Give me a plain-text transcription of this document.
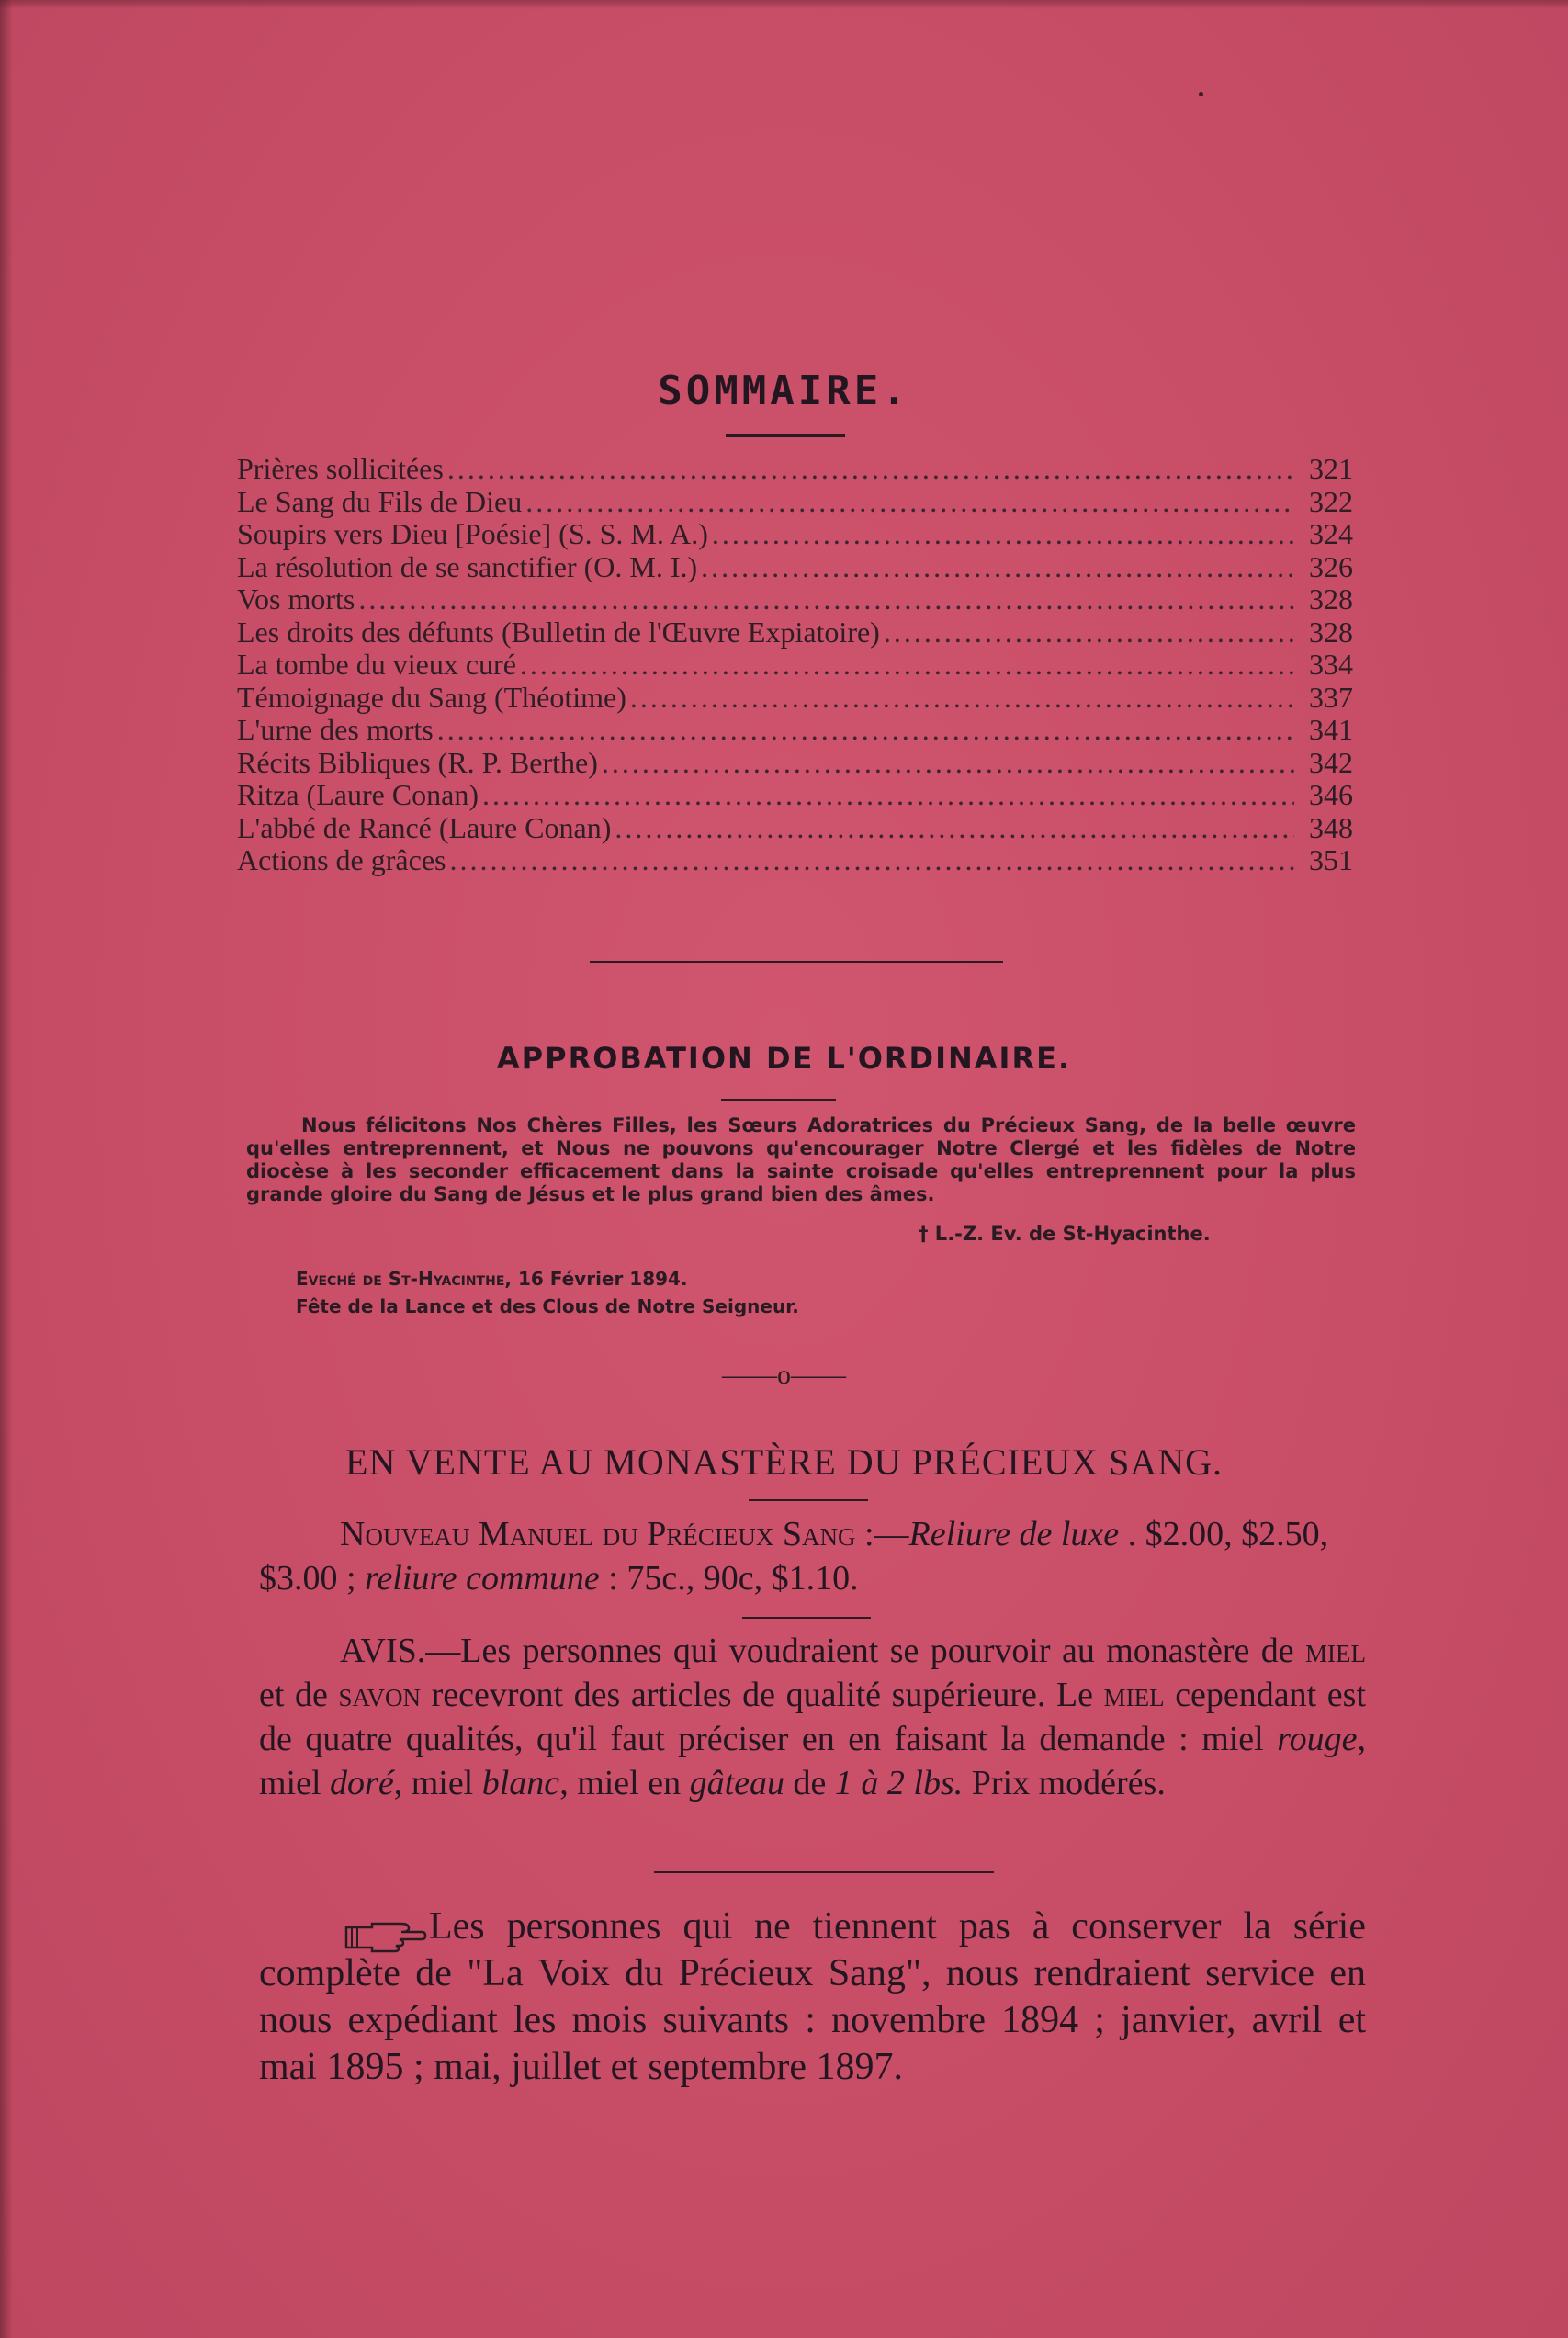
SOMMAIRE.
Prières sollicitées .....	321
Le Sang du Fils de Dieu .....	322
Soupirs vers Dieu [Poésie] (S. S. M. A.) .....	324
La résolution de se sanctifier (O. M. I.) .....	326
Vos morts .....	328
Les droits des défunts (Bulletin de l'Œuvre Expiatoire) .....	328
La tombe du vieux curé .....	334
Témoignage du Sang (Théotime) .....	337
L'urne des morts .....	341
Récits Bibliques (R. P. Berthe) .....	342
Ritza (Laure Conan) .....	346
L'abbé de Rancé (Laure Conan) .....	348
Actions de grâces .....	351
APPROBATION DE L'ORDINAIRE.

Nous félicitons Nos Chères Filles, les Sœurs Adoratrices du Précieux Sang, de la belle œuvre qu'elles entreprennent, et Nous ne pouvons qu'encourager Notre Clergé et les fidèles de Notre diocèse à les seconder efficacement dans la sainte croisade qu'elles entreprennent pour la plus grande gloire du Sang de Jésus et le plus grand bien des âmes.

† L.-Z. Ev. de St-Hyacinthe.
Eveché de St-Hyacinthe, 16 Février 1894.
Fête de la Lance et des Clous de Notre Seigneur.
——o——
EN VENTE AU MONASTÈRE DU PRÉCIEUX SANG.
Nouveau Manuel du Précieux Sang :—Reliure de luxe . $2.00, $2.50, $3.00 ; reliure commune : 75c., 90c, $1.10.

AVIS.—Les personnes qui voudraient se pourvoir au monastère de miel et de savon recevront des articles de qualité supérieure. Le miel cependant est de quatre qualités, qu'il faut préciser en en faisant la demande : miel rouge, miel doré, miel blanc, miel en gâteau de 1 à 2 lbs. Prix modérés.

Les personnes qui ne tiennent pas à conserver la série complète de "La Voix du Précieux Sang", nous rendraient service en nous expédiant les mois suivants : novembre 1894 ; janvier, avril et mai 1895 ; mai, juillet et septembre 1897.
